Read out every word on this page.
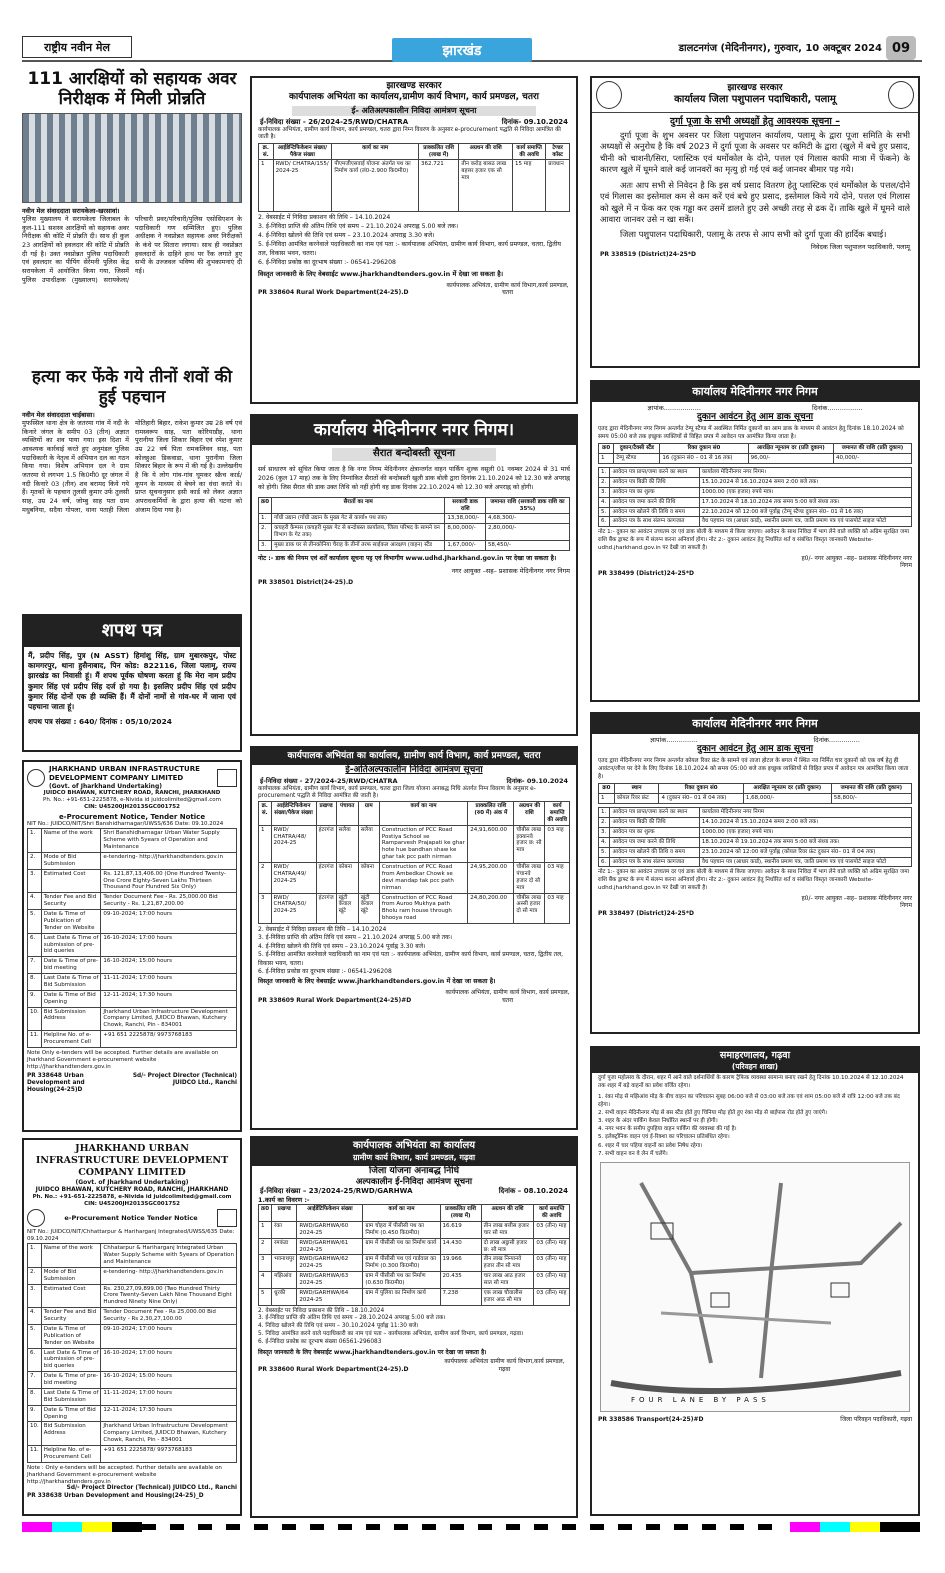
राष्ट्रीय नवीन मेल	झारखंड	डालटनगंज (मेदिनीनगर), गुरुवार, 10 अक्टूबर 2024 09
111 आरक्षियों को सहायक अवर निरीक्षक में मिली प्रोन्नति
नवीन मेल संवाददाता सरायकेला-खरसावां।
पुलिस मुख्यालय ने सरायकेला जिलाबल के कुल-111 सशस्त्र आरक्षियों को सहायक अवर निरीक्षक की कोटि में प्रोन्नति दी। साथ ही कुल 23 आरक्षियों को हवलदार की कोटि में प्रोन्नति दी गई है। उक्त नवप्रोन्नत पुलिस पदाधिकारी एवं हवलदार का पीपिंग सेरेमनी पुलिस केंद्र सरायकेला में आयोजित किया गया, जिसमें पुलिस उपाधीक्षक (मुख्यालय) सरायकेला/परिचारी प्रवर/परिचारी/पुलिस एसोसिएशन के पदाधिकारी गण सम्मिलित हुए। पुलिस अधीक्षक ने नवप्रोन्नत सहायक अवर निरीक्षकों के कंधे पर सितारा लगाया। साथ ही नवप्रोन्नत हवलदारों के दाहिने हाथ पर रैंक लगाते हुए सभी के उज्जवल भविष्य की शुभकामनाएं दी गई।
हत्या कर फेंके गये तीनों शवों की हुई पहचान
नवीन मेल संवाददाता चाईबासा।
मुफस्सिल थाना क्षेत्र के जतरमा गांव में नदी के किनारे जंगल के समीप 03 (तीन) अज्ञात व्यक्तियों का शव पाया गया। इस दिशा में आवश्यक कार्रवाई करते हुए अनुमंडल पुलिस पदाधिकारी के नेतृत्व में अभियान दल का गठन किया गया। विशेष अभियान दल ने ग्राम जतरमा से लगभग 1.5 कि0मी0 दूर जंगल में नदी किनारे 03 (तीन) शव बरामद किये गये हैं। मृतकों के पहचान तुलसी कुमार उर्फ तुलसी साह, उम्र 24 वर्ष, जोम्बु साह पता ग्राम मधुबनिया, सदैया गोपला, थाना पताही जिला मोतिहारी बिहार, राकेश कुमार उम्र 28 वर्ष एवं रामस्वरूप साह, पता कोरियाडीह, थाना पुरानीया जिला शिकार बिहार एवं रमेश कुमार उम्र 22 वर्ष पिता रामकलिवन साह, पता कोलहुआ डिकवाडा, थाना पुरानीया जिला शिकार बिहार के रूप में की गई है। उल्लेखनीय है कि ये लोग गांव-गांव घूमकर स्क्रैच कार्ड/कूपन के माध्यम से बेचने का धंधा करते थे। प्राप्त सूचनानुसार इसी कार्ड को लेकर अज्ञात अपराधकर्मियों के द्वारा हत्या की घटना को अंजाम दिया गया है।
शपथ पत्र
मैं, प्रदीप सिंह, पुत्र (N ASST) हिमांशु सिंह, ग्राम मुबारकपुर, पोस्ट कामगरपुर, थाना हुसैनाबाद, पिन कोड: 822116, जिला पलामू, राज्य झारखंड का निवासी हूं। मैं शपथ पूर्वक घोषणा करता हूं कि मेरा नाम प्रदीप कुमार सिंह एवं प्रदीप सिंह दर्ज हो गया है। इसलिए प्रदीप सिंह एवं प्रदीप कुमार सिंह दोनों एक ही व्यक्ति हैं। मैं दोनों नामों से गांव-घर में जाना एवं पहचाना जाता हूं।
शपथ पत्र संख्या : 640/ दिनांक : 05/10/2024
JHARKHAND URBAN INFRASTRUCTURE DEVELOPMENT COMPANY LIMITED
(Govt. of Jharkhand Undertaking)
JUIDCO BHAWAN, KUTCHERY ROAD, RANCHI, JHARKHAND
Ph. No.: +91-651-2225878, e-Nivida id juidcolimited@gmail.com
CIN: U45200JH2013SGC001752
e-Procurement Notice, Tender Notice
NIT No.: JUIDCO/NIT/Shri Banshidharnagar/UWSS/636 Date: 09.10.2024
1.	Name of the work	Shri Banshidharnagar Urban Water Supply Scheme with 5years of Operation and Maintenance
2.	Mode of Bid Submission	e-tendering- http://jharkhandtenders.gov.in
3.	Estimated Cost	Rs. 121,87,13,406.00 (One Hundred Twenty-One Crore Eighty-Seven Lakhs Thirteen Thousand Four Hundred Six Only)
4.	Tender Fee and Bid Security	Tender Document Fee - Rs. 25,000.00 Bid Security - Rs. 1,21,87,200.00
5.	Date & Time of Publication of Tender on Website	09-10-2024; 17:00 hours
6.	Last Date & Time of submission of pre-bid queries	16-10-2024; 17:00 hours
7.	Date & Time of pre-bid meeting	16-10-2024; 15:00 hours
8.	Last Date & Time of Bid Submission	11-11-2024; 17:00 hours
9.	Date & Time of Bid Opening	12-11-2024; 17:30 hours
10.	Bid Submission Address	Jharkhand Urban Infrastructure Development Company Limited, JUIDCO Bhawan, Kutchery Chowk, Ranchi, Pin - 834001
11.	Helpline No. of e-Procurement Cell	+91 651 2225878/ 9973768183
Note Only e-tenders will be accepted. Further details are available on Jharkhand Government e-procurement website http://jharkhandtenders.gov.in
PR 338648 Urban Development and Housing(24-25)D
Sd/- Project Director (Technical) JUIDCO Ltd., Ranchi
JHARKHAND URBAN INFRASTRUCTURE DEVELOPMENT COMPANY LIMITED
(Govt. of Jharkhand Undertaking)
JUIDCO BHAWAN, KUTCHERY ROAD, RANCHI, JHARKHAND
Ph. No.: +91-651-2225878, e-Nivida id juidcolimited@gmail.com
CIN: U45200JH2013SGC001752
e-Procurement Notice Tender Notice
NIT No.: JUIDCO/NIT/Chhattarpur & Hariharganj Integrated/UWSS/635 Date: 09.10.2024
1.	Name of the work	Chhatarpur & Hariharganj Integrated Urban Water Supply Scheme with 5years of Operation and Maintenance
2.	Mode of Bid Submission	e-tendering- http://jharkhandtenders.gov.in
3.	Estimated Cost	Rs. 230,27,09,899.00 (Two Hundred Thirty Crore Twenty-Seven Lakh Nine Thousand Eight Hundred Ninety Nine Only)
4.	Tender Fee and Bid Security	Tender Document Fee - Rs 25,000.00 Bid Security - Rs 2,30,27,100.00
5.	Date & Time of Publication of Tender on Website	09-10-2024; 17:00 hours
6.	Last Date & Time of submission of pre-bid queries	16-10-2024; 17:00 hours
7.	Date & Time of pre-bid meeting	16-10-2024; 15:00 hours
8.	Last Date & Time of Bid Submission	11-11-2024; 17:00 hours
9.	Date & Time of Bid Opening	12-11-2024; 17:30 hours
10.	Bid Submission Address	Jharkhand Urban Infrastructure Development Company Limited, JUIDCO Bhawan, Kutchery Chowk, Ranchi, Pin - 834001
11.	Helpline No. of e-Procurement Cell	+91 651 2225878/ 9973768183
Note : Only e-tenders will be accepted. Further details are available on Jharkhand Government e-procurement website http://jharkhandtenders.gov.in
Sd/- Project Director (Technical) JUIDCO Ltd., Ranchi
PR 338638 Urban Development and Housing(24-25)_D
झारखण्ड सरकार
कार्यपालक अभियंता का कार्यालय,ग्रामीण कार्य विभाग, कार्य प्रमण्डल, चतरा
ई- अतिअल्पकालीन निविदा आमंत्रण सूचना
ई-निविदा संख्या - 26/2024-25/RWD/CHATRA	दिनांक- 09.10.2024
कार्यपालक अभियंता, ग्रामीण कार्य विभाग, कार्य प्रमण्डल, चतरा द्वारा निम्न विवरण के अनुसार e-procurement पद्धति से निविदा आमंत्रित की जाती है।
क्र. सं.	आईडेन्टिफिकेशन संख्या/पैकेज संख्या	कार्य का नाम	प्राक्कलित राशि (लाख में)	अग्रधन की राशि	कार्य समाप्ति की अवधि	टेण्डर कॉस्ट
1	RWD/ CHATRA/155/ 2024-25	पीएमजीएसवाई योजना अंतर्गत पथ का निर्माण कार्य (लं0-2.900 कि0मी0)	362.721	तीन करोड़ बासठ लाख बहत्तर हजार एक सौ मात्र	15 माह	प्रावधान
2. वेबसाईट में निविदा प्रकाशन की तिथि – 14.10.2024
3. ई-निविदा प्राप्ति की अंतिम तिथि एवं समय – 21.10.2024 अपराह्न 5.00 बजे तक।
4. ई-निविदा खोलने की तिथि एवं समय – 23.10.2024 अपराह्न 3.30 बजे।
5. ई-निविदा आमंत्रित करनेवाले पदाधिकारी का नाम एवं पता :- कार्यपालक अभियंता, ग्रामीण कार्य विभाग, कार्य प्रमण्डल, चतरा, द्वितीय तल, विकास भवन, चतरा।
6. ई-निविदा प्रकोष्ठ का दूरभाष संख्या :- 06541-296208
विस्तृत जानकारी के लिए वेबसाईट www.jharkhandtenders.gov.in में देखा जा सकता है।
PR 338604 Rural Work Department(24-25).D
कार्यपालक अभियंता, ग्रामीण कार्य विभाग,कार्य प्रमण्डल, चतरा
कार्यालय मेदिनीनगर नगर निगम।
सैरात बन्दोबस्ती सूचना
सर्व साधारण को सूचित किया जाता है कि नगर निगम मेदिनीनगर क्षेत्रान्तर्गत वाहन पार्किंग शुल्क वसूली 01 नवम्बर 2024 से 31 मार्च 2026 (कुल 17 माह) तक के लिए निम्नांकित सैरातों की बन्दोबस्ती खुली डाक बोली द्वारा दिनांक 21.10.2024 को 12.30 बजे अपराह्न को होगी। जिस सैरात की डाक उक्त तिथि को नहीं होगी वह डाक दिनांक 22.10.2024 को 12.30 बजे अपराह्न को होगी।
क्र0	सैरातों का नाम	सरकारी डाक राशि	जमानत राशि (सरकारी डाक राशि का 35%)
1.	गाँधी उद्यान (गाँधी उद्यान के मुख्य गेट से कार्या० पथ तक)	13,38,000/-	4,68,300/-
2.	कचहरी कैम्पस (कचहरी मुख्य गेट से बन्दोबस्त कार्यालय, जिला परिषद के सामने वन विभाग के गेट तक)	8,00,000/-	2,80,000/-
3.	मुख्य डाक घर से तीनकोनिया चैराह के तीनों तरफ साईकल आरक्षण (वाहन) स्टैंड	1,67,000/-	58,450/-
नोट :- डाक की नियम एवं शर्तें कार्यालय सूचना पट्ट एवं विभागीय www.udhd.Jharkhand.gov.in पर देखा जा सकता है।
नगर आयुक्त –सह– प्रशासक मेदिनीनगर नगर निगम
PR 338501 District(24-25).D
कार्यपालक अभियंता का कार्यालय, ग्रामीण कार्य विभाग, कार्य प्रमण्डल, चतरा
ई-अतिअल्पकालीन निविदा आमंत्रण सूचना
ई-निविदा संख्या - 27/2024-25/RWD/CHATRA	दिनांक- 09.10.2024
कार्यपालक अभियंता, ग्रामीण कार्य विभाग, कार्य प्रमण्डल, चतरा द्वारा जिला योजना अनाबद्ध निधि अंतर्गत निम्न विवरण के अनुसार e-procurement पद्धति से निविदा आमंत्रित की जाती है।
क्र. सं.	आईडेन्टिफिकेशन संख्या/पैकेज संख्या	प्रखण्ड	पंचायत	ग्राम	कार्य का नाम	प्राक्कलित राशि (रु0 में) अंक में	अग्रधन की राशि	कार्य समाप्ति की अवधि
1	RWD/ CHATRA/48/ 2024-25	हंटरगंज	सलैया	सलैया	Construction of PCC Road Postiya School se Ramparvesh Prajapati ke ghar hote hue bandhan shaw ke ghar tak pcc path nirman	24,91,600.00	चौबीस लाख इक्यानवे हजार छ: सौ मात्र	03 माह
2	RWD/ CHATRA/49/ 2024-25	हंटरगंज	कोबना	कोबना	Construction of PCC Road from Ambedkar Chowk se devi mandap tak pcc path nirman	24,95,200.00	चौबीस लाख पंचानवे हजार दो सौ मात्र	03 माह
3	RWD/ CHATRA/50/ 2024-25	हंटरगंज	खूंटी केवाल खूंटे	खूंटी केवाल खूंटे	Construction of PCC Road from Auroo Mukhya path Bholu ram house through bhooya road	24,80,200.00	चौबीस लाख अस्सी हजार दो सौ मात्र	03 माह
2. वेबसाईट में निविदा प्रकाशन की तिथि – 14.10.2024
3. ई-निविदा प्राप्ति की अंतिम तिथि एवं समय – 21.10.2024 अपराह्न 5.00 बजे तक।
4. ई-निविदा खोलने की तिथि एवं समय – 23.10.2024 पूर्वाह्न 3.30 बजे।
5. ई-निविदा आमंत्रित करनेवाले पदाधिकारी का नाम एवं पता :- कार्यपालक अभियंता, ग्रामीण कार्य विभाग, कार्य प्रमण्डल, चतरा, द्वितीय तल, विकास भवन, चतरा।
6. ई-निविदा प्रकोष्ठ का दूरभाष संख्या :- 06541-296208
विस्तृत जानकारी के लिए वेबसाईट www.jharkhandtenders.gov.in में देखा जा सकता है।
PR 338609 Rural Work Department(24-25)#D
कार्यपालक अभियंता, ग्रामीण कार्य विभाग, कार्य प्रमण्डल, चतरा
कार्यपालक अभियंता का कार्यालय
ग्रामीण कार्य विभाग, कार्य प्रमण्डल, गढ़वा
जिला योजना अनाबद्ध निधि
अल्पकालीन ई-निविदा आमंत्रण सूचना
ई-निविदा संख्या – 23/2024-25/RWD/GARHWA	दिनांक – 08.10.2024
1.कार्य का विवरण :-
क्र0	प्रखण्ड	आईडेंटिफिकेशन संख्या	कार्य का नाम	प्राक्कलित राशि (लाख में)	अग्रधन की राशि	कार्य समाप्ति की अवधि
1	रंका	RWD/GARHWA/60 2024-25	ग्राम चोहरा में पीसीसी पथ का निर्माण (0.450 कि0मी0)	16.619	तीन लाख बत्तीस हजार चार सौ मात्र	03 (तीन) माह
2	रमकंडा	RWD/GARHWA/61 2024-25	ग्राम में पीसीसी पथ का निर्माण कार्य	14.430	दो लाख अट्ठासी हजार छ: सौ मात्र	03 (तीन) माह
3	भवनाथपुर	RWD/GARHWA/62 2024-25	ग्राम में पीसीसी पथ एवं गार्डवाल का निर्माण (0.300 कि0मी0)	19.966	तीन लाख निन्यानवे हजार तीन सौ मात्र	03 (तीन) माह
4	मझिआंव	RWD/GARHWA/63 2024-25	ग्राम में पीसीसी पथ का निर्माण (0.630 कि0मी0)	20.435	चार लाख आठ हजार सात सौ मात्र	03 (तीन) माह
5	धुरकी	RWD/GARHWA/64 2024-25	ग्राम में पुलिया का निर्माण कार्य	7.238	एक लाख चौवालीस हजार आठ सौ मात्र	03 (तीन) माह
2. वेबसाईट पर निविदा प्रकाशन की तिथि – 18.10.2024
3. ई-निविदा प्राप्ति की अंतिम तिथि एवं समय – 28.10.2024 अपराह्न 5:00 बजे तक।
4. निविदा खोलने की तिथि एवं समय – 30.10.2024 पूर्वाह्न 11:30 बजे।
5. निविदा आमंत्रित करने वाले पदाधिकारी का नाम एवं पता – कार्यपालक अभियंता, ग्रामीण कार्य विभाग, कार्य प्रमण्डल, गढ़वा।
6. ई-निविदा प्रकोष्ठ का दूरभाष संख्या 06561-296083
विस्तृत जानकारी के लिए वेबसाईट www.jharkhandtenders.gov.in पर देखा जा सकता है।
PR 338600 Rural Work Department(24-25).D
कार्यपालक अभियंता ग्रामीण कार्य विभाग,कार्य प्रमण्डल, गढ़वा
झारखण्ड सरकार
कार्यालय जिला पशुपालन पदाधिकारी, पलामू
दुर्गा पूजा के सभी अध्यक्षों हेतु आवश्यक सूचना –
दुर्गा पूजा के शुभ अवसर पर जिला पशुपालन कार्यालय, पलामू के द्वारा पूजा समिति के सभी अध्यक्षों से अनुरोध है कि वर्ष 2023 में दुर्गा पूजा के अवसर पर कमिटी के द्वारा (खुले में बचे हुए प्रसाद, चीनी को चाशनी/सिरा, प्लास्टिक एवं थर्मोकोल के दोने, पत्तल एवं गिलास काफी मात्रा में फेंकने) के कारण खुले में घूमने वाले कई जानवरों का मृत्यु हो गई एवं कई जानवर बीमार पड़ गये।
अतः आप सभी से निवेदन है कि इस वर्ष प्रसाद वितरण हेतु प्लास्टिक एवं थर्मोकोल के पत्तल/दोने एवं गिलास का इस्तेमाल कम से कम करें एवं बचे हुए प्रसाद, इस्तेमाल किये गये दोने, पत्तल एवं गिलास को खुले में न फेंक कर एक गड्ढा कर उसमें डालते हुए उसे अच्छी तरह से ढक दें। ताकि खुले में घूमने वाले आवारा जानवर उसे न खा सकें।
जिला पशुपालन पदाधिकारी, पलामू के तरफ से आप सभी को दुर्गा पूजा की हार्दिक बधाई।
निवेदक जिला पशुपालन पदाधिकारी, पलामू
PR 338519 (District)24-25*D
कार्यालय मेदिनीनगर नगर निगम
ज्ञापांक..................	दिनांक.................
दुकान आवंटन हेतु आम डाक सूचना
एतद द्वारा मेदिनीनगर नगर निगम अन्तर्गत टेम्पू स्टैण्ड में अवस्थित निर्मित दुकानों का आम डाक के माध्यम से आवंटन हेतु दिनांक 18.10.2024 को समय 05:00 बजे तक इच्छुक व्यक्तियों से विहित प्रपत्र में आवेदन पत्र आमंत्रित किया जाता है।
क्र0	दुकान/टैक्सी स्टैंड	रिक्त दुकान सं0	आरक्षित न्यूनतम दर (प्रति दुकान)	जमानत की राशि (प्रति दुकान)
1	टेम्पू स्टैण्ड	16 (दुकान सं0 – 01 से 16 तक)	96,00/-	40,000/-
1.	आवेदन पत्र प्राप्त/जमा करने का स्थान	कार्यालय मेदिनीनगर नगर निगम।
2.	आवेदन पत्र बिक्री की तिथि	15.10.2024 से 16.10.2024 समय 2:00 बजे तक।
3.	आवेदन पत्र का शुल्क	1000.00 (एक हजार) रुपये मात्र।
4.	आवेदन पत्र जमा करने की तिथि	17.10.2024 से 18.10.2024 तक समय 5:00 बजे संध्या तक।
5.	आवेदन पत्र खोलने की तिथि व समय	22.10.2024 को 12:00 बजे पूर्वाह्न (टेम्पू स्टैण्ड दुकान सं0– 01 से 16 तक)
6.	आवेदन पत्र के साथ संलग्न कागजात	वैध पहचान पत्र (आधार कार्ड), स्थानीय प्रमाण पत्र, जाति प्रमाण पत्र एवं पासपोर्ट साइज फोटो
नोट 1:- दुकान का आवंटन उच्चतम दर एवं डाक बोली के माध्यम से किया जाएगा। आवेदन के साथ निविदा में भाग लेने वाले व्यक्ति को अग्रिम सुरक्षित जमा राशि बैंक ड्राफ्ट के रूप में संलग्न करना अनिवार्य होगा। नोट 2:- दुकान आवंटन हेतु निर्धारित शर्त व संबंधित विस्तृत जानकारी Website- udhd.jharkhand.gov.in पर देखी जा सकती है।
ह0/- नगर आयुक्त –सह– प्रशासक मेदिनीनगर नगर निगम
PR 338499 (District)24-25*D
कार्यालय मेदिनीनगर नगर निगम
ज्ञापांक...............	दिनांक...............
दुकान आवंटन हेतु आम डाक सूचना
एतद द्वारा मेदिनीनगर नगर निगम अन्तर्गत कोयल रिवर फ्रंट के सामने एवं ताजा होटल के बगल में स्थित नव निर्मित चार दुकानों को एक वर्ष हेतु ही आवंटन/लीज पर देने के लिए दिनांक 18.10.2024 को समय 05:00 बजे तक इच्छुक व्यक्तियों से विहित प्रपत्र में आवेदन पत्र आमंत्रित किया जाता है।
क्र0	स्थान	रिक्त दुकान सं0	आरक्षित न्यूनतम दर (प्रति दुकान)	जमानत की राशि (प्रति दुकान)
1	कोयल रिवर फ्रंट	4 (दुकान सं0– 01 से 04 तक)	1,68,000/-	58,800/-
1.	आवेदन पत्र प्राप्त/जमा करने का स्थान	कार्यालय मेदिनीनगर नगर निगम
2.	आवेदन पत्र बिक्री की तिथि	14.10.2024 से 15.10.2024 समय 2:00 बजे तक।
3.	आवेदन पत्र का शुल्क	1000.00 (एक हजार) रुपये मात्र।
4.	आवेदन पत्र जमा करने की तिथि	18.10.2024 से 19.10.2024 तक समय 5:00 बजे संध्या तक।
5.	आवेदन पत्र खोलने की तिथि व समय	23.10.2024 को 12:00 बजे पूर्वाह्न (कोयल रिवर फ्रंट दुकान सं0– 01 से 04 तक)
6.	आवेदन पत्र के साथ संलग्न कागजात	वैध पहचान पत्र (आधार कार्ड), स्थानीय प्रमाण पत्र, जाति प्रमाण पत्र एवं पासपोर्ट साइज फोटो
नोट 1:- दुकान का आवंटन उच्चतम दर एवं डाक बोली के माध्यम से किया जाएगा। आवेदन के साथ निविदा में भाग लेने वाले व्यक्ति को अग्रिम सुरक्षित जमा राशि बैंक ड्राफ्ट के रूप में संलग्न करना अनिवार्य होगा। नोट 2:- दुकान आवंटन हेतु निर्धारित शर्त व संबंधित विस्तृत जानकारी Website- udhd.jharkhand.gov.in पर देखी जा सकती है।
ह0/- नगर आयुक्त –सह– प्रशासक मेदिनीनगर नगर निगम
PR 338497 (District)24-25*D
समाहरणालय, गढ़वा
(परिवहन शाखा)
दुर्गा पूजा महोत्सव के दौरान, शहर में आने वाले दर्शनार्थियों के कारण ट्रैफिक व्यवस्था सामान्य बनाए रखने हेतु दिनांक 10.10.2024 से 12.10.2024 तक शहर में बड़े वाहनों का प्रवेश वर्जित रहेगा।
1. रंका मोड़ से मझिआंव मोड़ के बीच वाहन का परिचालन सुबह 06:00 बजे से 03:00 बजे तक एवं शाम 05:00 बजे से रात्रि 12:00 बजे तक बंद रहेगा।
2. सभी वाहन मेदिनीनगर मोड़ से बस स्टैंड होते हुए चिनिया मोड़ होते हुए रंका मोड़ से बाईपास रोड होते हुए जाएंगे।
3. शहर के अंदर पार्किंग केवल निर्धारित स्थानों पर ही होगी।
4. नगर भवन के समीप दुपहिया वाहन पार्किंग की व्यवस्था की गई है।
5. इलेक्ट्रॉनिक वाहन एवं ई-रिक्शा का परिचालन प्रतिबंधित रहेगा।
6. शहर में चार पहिया वाहनों का प्रवेश निषेध रहेगा।
7. सभी वाहन वन वे लेन में चलेंगे।
FOUR LANE BY PASS
PR 338586 Transport(24-25)#D	जिला परिवहन पदाधिकारी, गढ़वा
